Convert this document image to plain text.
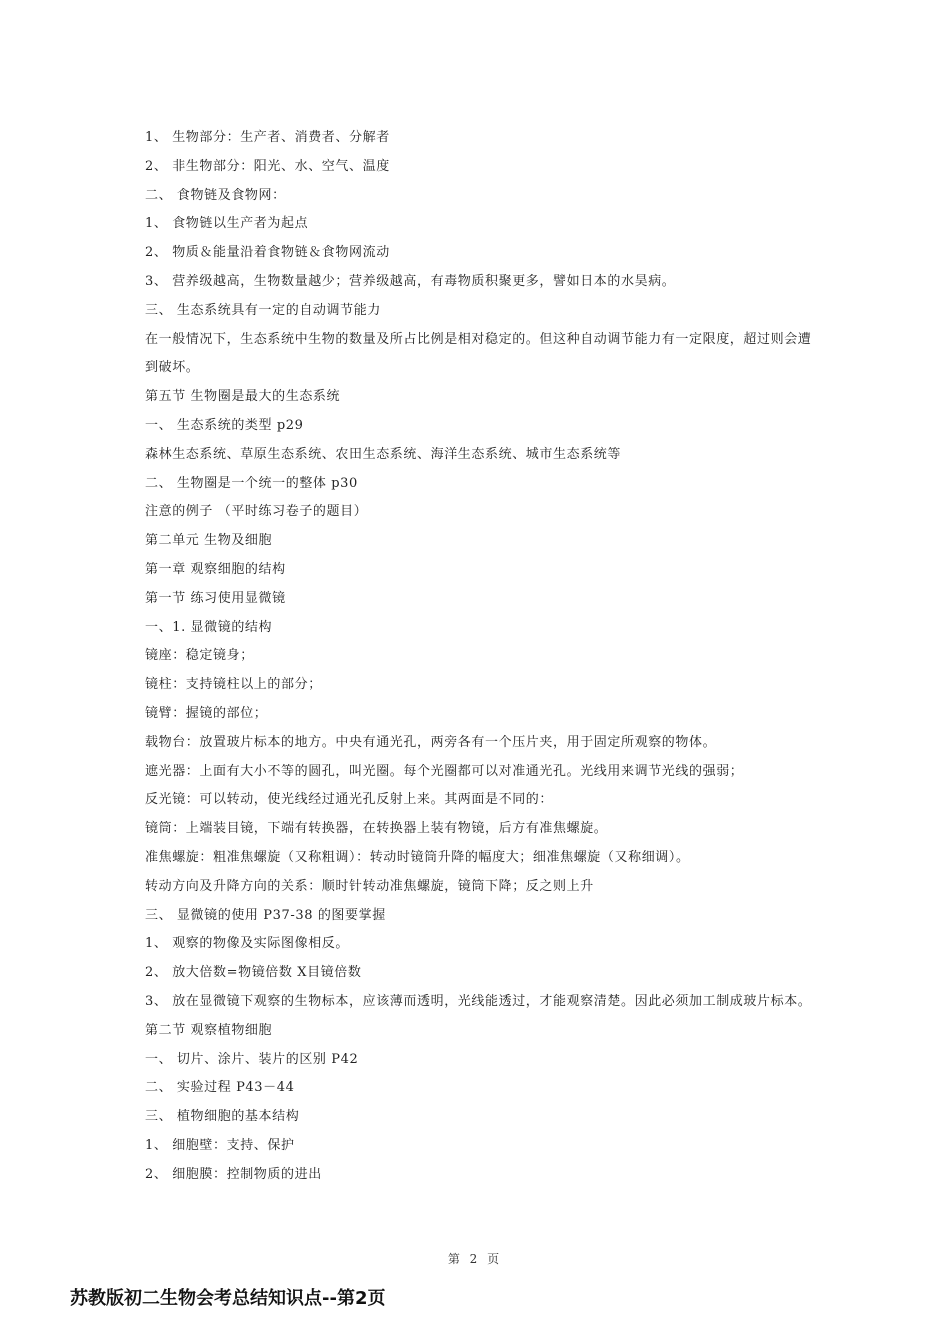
1、 生物部分：生产者、消费者、分解者
2、 非生物部分：阳光、水、空气、温度
二、 食物链及食物网：
1、 食物链以生产者为起点
2、 物质＆能量沿着食物链＆食物网流动
3、 营养级越高，生物数量越少；营养级越高，有毒物质积聚更多，譬如日本的水昊病。
三、 生态系统具有一定的自动调节能力
在一般情况下，生态系统中生物的数量及所占比例是相对稳定的。但这种自动调节能力有一定限度，超过则会遭到破坏。
第五节 生物圈是最大的生态系统
一、 生态系统的类型 p29
森林生态系统、草原生态系统、农田生态系统、海洋生态系统、城市生态系统等
二、 生物圈是一个统一的整体 p30
注意的例子 （平时练习卷子的题目）
第二单元 生物及细胞
第一章 观察细胞的结构
第一节 练习使用显微镜
一、1. 显微镜的结构
镜座：稳定镜身；
镜柱：支持镜柱以上的部分；
镜臂：握镜的部位；
载物台：放置玻片标本的地方。中央有通光孔，两旁各有一个压片夹，用于固定所观察的物体。
遮光器：上面有大小不等的圆孔，叫光圈。每个光圈都可以对准通光孔。光线用来调节光线的强弱；
反光镜：可以转动，使光线经过通光孔反射上来。其两面是不同的：
镜筒：上端装目镜，下端有转换器，在转换器上装有物镜，后方有准焦螺旋。
准焦螺旋：粗准焦螺旋（又称粗调）：转动时镜筒升降的幅度大；细准焦螺旋（又称细调）。
转动方向及升降方向的关系：顺时针转动准焦螺旋，镜筒下降；反之则上升
三、 显微镜的使用 P37-38 的图要掌握
1、 观察的物像及实际图像相反。
2、 放大倍数=物镜倍数 X目镜倍数
3、 放在显微镜下观察的生物标本，应该薄而透明，光线能透过，才能观察清楚。因此必须加工制成玻片标本。
第二节 观察植物细胞
一、 切片、涂片、装片的区别 P42
二、 实验过程 P43－44
三、 植物细胞的基本结构
1、 细胞壁：支持、保护
2、 细胞膜：控制物质的进出
第 2 页
苏教版初二生物会考总结知识点--第2页
